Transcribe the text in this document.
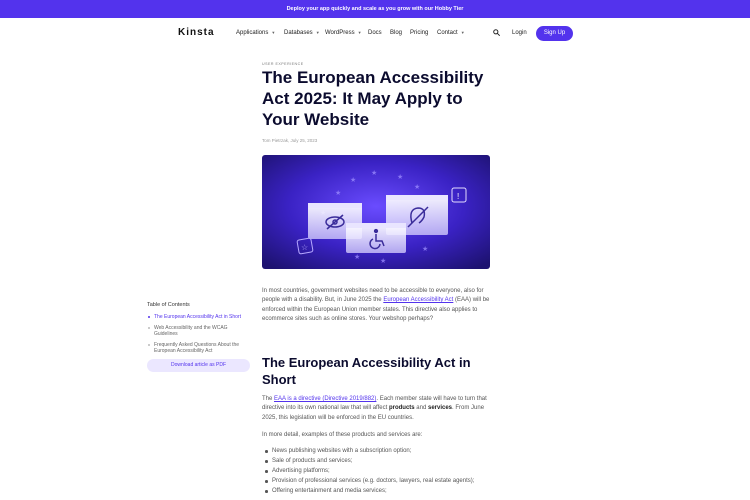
Deploy your app quickly and scale as you grow with our Hobby Tier
Kinsta	Applications ▼ Databases ▼ WordPress ▼ Docs Blog Pricing Contact ▼	Login	Sign Up
USER EXPERIENCE
The European Accessibility Act 2025: It May Apply to Your Website
Tom Pietrzak, July 25, 2023
★
★
★
★
★
★
★
★
!
☆

In most countries, government websites need to be accessible to everyone, also for people with a disability. But, in June 2025 the European Accessibility Act (EAA) will be enforced within the European Union member states. This directive also applies to ecommerce sites such as online stores. Your webshop perhaps?

Table of Contents
The European Accessibility Act in Short
Web Accessibility and the WCAG Guidelines
Frequently Asked Questions About the European Accessibility Act
Download article as PDF	The European Accessibility Act in Short

The EAA is a directive (Directive 2019/882). Each member state will have to turn that directive into its own national law that will affect products and services. From June 2025, this legislation will be enforced in the EU countries.

In more detail, examples of these products and services are:

News publishing websites with a subscription option;
Sale of products and services;
Advertising platforms;
Provision of professional services (e.g. doctors, lawyers, real estate agents);
Offering entertainment and media services;
